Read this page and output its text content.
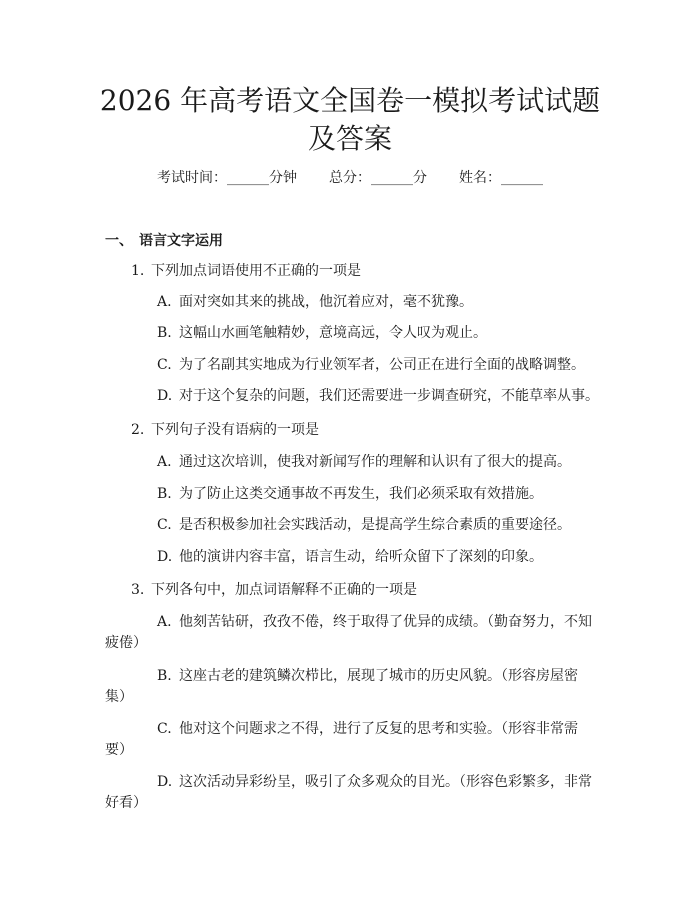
2026 年高考语文全国卷一模拟考试试题及答案
考试时间：______分钟 总分：______分 姓名：______
一、 语言文字运用
1. 下列加点词语使用不正确的一项是
A. 面对突如其来的挑战，他沉着应对，毫不犹豫。
B. 这幅山水画笔触精妙，意境高远，令人叹为观止。
C. 为了名副其实地成为行业领军者，公司正在进行全面的战略调整。
D. 对于这个复杂的问题，我们还需要进一步调查研究，不能草率从事。
2. 下列句子没有语病的一项是
A. 通过这次培训，使我对新闻写作的理解和认识有了很大的提高。
B. 为了防止这类交通事故不再发生，我们必须采取有效措施。
C. 是否积极参加社会实践活动，是提高学生综合素质的重要途径。
D. 他的演讲内容丰富，语言生动，给听众留下了深刻的印象。
3. 下列各句中，加点词语解释不正确的一项是
A. 他刻苦钻研，孜孜不倦，终于取得了优异的成绩。（勤奋努力，不知
疲倦）
B. 这座古老的建筑鳞次栉比，展现了城市的历史风貌。（形容房屋密
集）
C. 他对这个问题求之不得，进行了反复的思考和实验。（形容非常需
要）
D. 这次活动异彩纷呈，吸引了众多观众的目光。（形容色彩繁多，非常
好看）
